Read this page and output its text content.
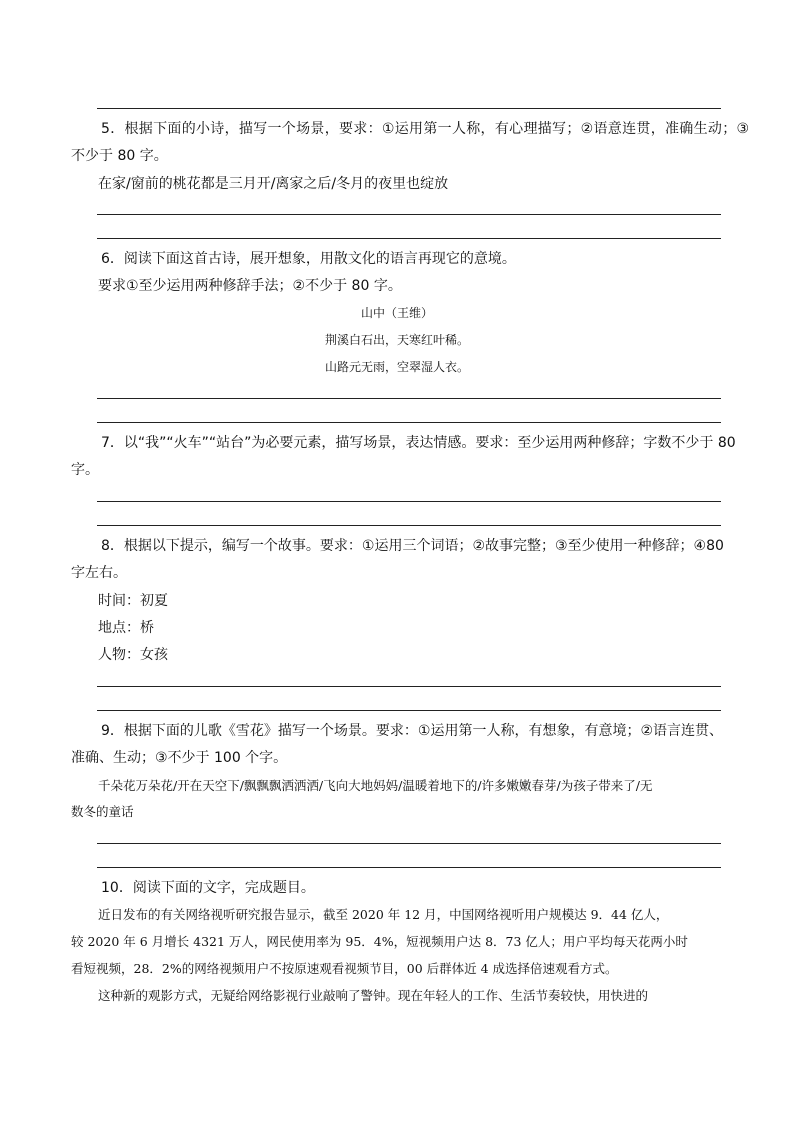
5．根据下面的小诗，描写一个场景，要求：①运用第一人称，有心理描写；②语意连贯，准确生动；③
不少于 80 字。
在家/窗前的桃花都是三月开/离家之后/冬月的夜里也绽放
6．阅读下面这首古诗，展开想象，用散文化的语言再现它的意境。
要求①至少运用两种修辞手法；②不少于 80 字。
山中（王维）
荆溪白石出，天寒红叶稀。
山路元无雨，空翠湿人衣。
7．以“我”“火车”“站台”为必要元素，描写场景，表达情感。要求：至少运用两种修辞；字数不少于 80
字。
8．根据以下提示，编写一个故事。要求：①运用三个词语；②故事完整；③至少使用一种修辞；④80
字左右。
时间：初夏
地点：桥
人物：女孩
9．根据下面的儿歌《雪花》描写一个场景。要求：①运用第一人称，有想象，有意境；②语言连贯、
准确、生动；③不少于 100 个字。
千朵花万朵花/开在天空下/飘飘飘洒洒洒/飞向大地妈妈/温暖着地下的/许多嫩嫩春芽/为孩子带来了/无
数冬的童话
10．阅读下面的文字，完成题目。
近日发布的有关网络视听研究报告显示，截至 2020 年 12 月，中国网络视听用户规模达 9．44 亿人，
较 2020 年 6 月增长 4321 万人，网民使用率为 95．4%，短视频用户达 8．73 亿人；用户平均每天花两小时
看短视频，28．2%的网络视频用户不按原速观看视频节目，00 后群体近 4 成选择倍速观看方式。
这种新的观影方式，无疑给网络影视行业敲响了警钟。现在年轻人的工作、生活节奏较快，用快进的
